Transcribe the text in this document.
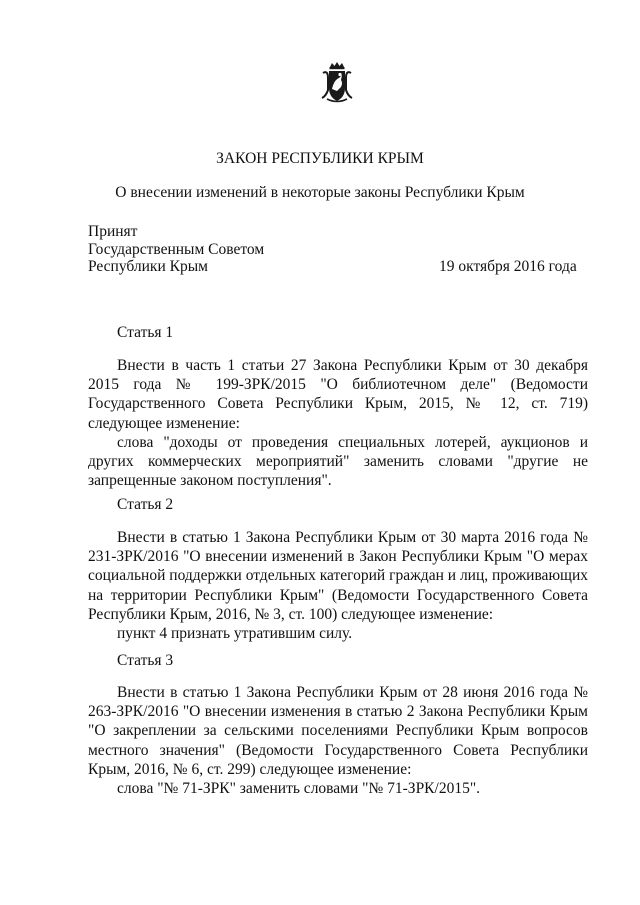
ЗАКОН РЕСПУБЛИКИ КРЫМ
О внесении изменений в некоторые законы Республики Крым
Принят
Государственным Советом
Республики Крым	19 октября 2016 года
Статья 1

Внести в часть 1 статьи 27 Закона Республики Крым от 30 декабря 2015 года № 199-ЗРК/2015 "О библиотечном деле" (Ведомости Государственного Совета Республики Крым, 2015, № 12, ст. 719) следующее изменение:

слова "доходы от проведения специальных лотерей, аукционов и других коммерческих мероприятий" заменить словами "другие не запрещенные законом поступления".

Статья 2

Внести в статью 1 Закона Республики Крым от 30 марта 2016 года № 231-ЗРК/2016 "О внесении изменений в Закон Республики Крым "О мерах социальной поддержки отдельных категорий граждан и лиц, проживающих на территории Республики Крым" (Ведомости Государственного Совета Республики Крым, 2016, № 3, ст. 100) следующее изменение:

пункт 4 признать утратившим силу.

Статья 3

Внести в статью 1 Закона Республики Крым от 28 июня 2016 года № 263-ЗРК/2016 "О внесении изменения в статью 2 Закона Республики Крым "О закреплении за сельскими поселениями Республики Крым вопросов местного значения" (Ведомости Государственного Совета Республики Крым, 2016, № 6, ст. 299) следующее изменение:

слова "№ 71-ЗРК" заменить словами "№ 71-ЗРК/2015".
